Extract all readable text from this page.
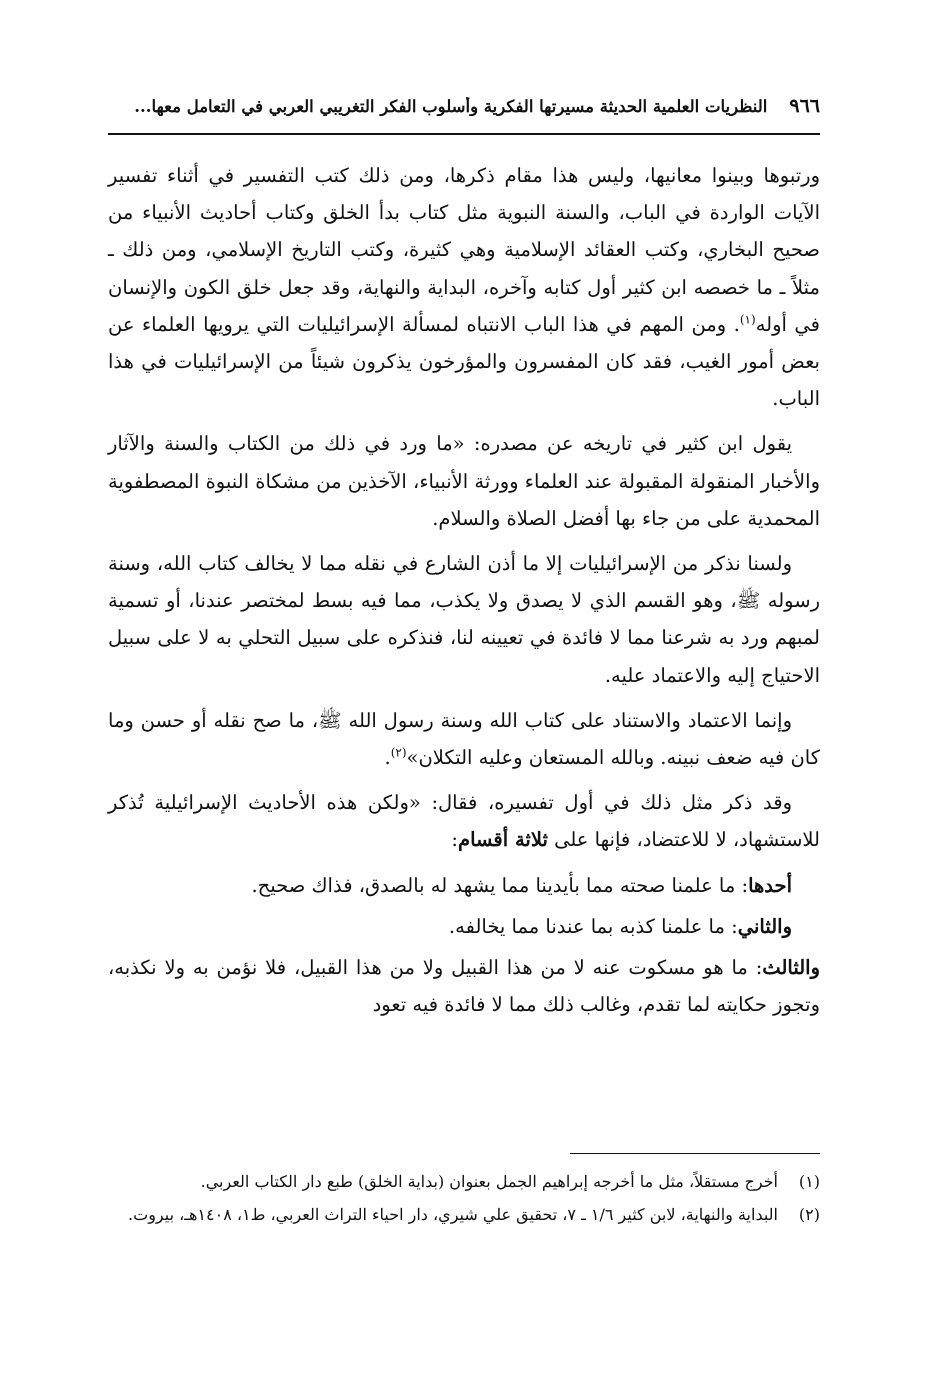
٩٦٦
النظريات العلمية الحديثة مسيرتها الفكرية وأسلوب الفكر التغريبي العربي في التعامل معها...

ورتبوها وبينوا معانيها، وليس هذا مقام ذكرها، ومن ذلك كتب التفسير في أثناء تفسير الآيات الواردة في الباب، والسنة النبوية مثل كتاب بدأ الخلق وكتاب أحاديث الأنبياء من صحيح البخاري، وكتب العقائد الإسلامية وهي كثيرة، وكتب التاريخ الإسلامي، ومن ذلك ـ مثلاً ـ ما خصصه ابن كثير أول كتابه وآخره، البداية والنهاية، وقد جعل خلق الكون والإنسان في أوله$^{(١)}$. ومن المهم في هذا الباب الانتباه لمسألة الإسرائيليات التي يرويها العلماء عن بعض أمور الغيب، فقد كان المفسرون والمؤرخون يذكرون شيئاً من الإسرائيليات في هذا الباب.

يقول ابن كثير في تاريخه عن مصدره: «ما ورد في ذلك من الكتاب والسنة والآثار والأخبار المنقولة المقبولة عند العلماء وورثة الأنبياء، الآخذين من مشكاة النبوة المصطفوية المحمدية على من جاء بها أفضل الصلاة والسلام.

ولسنا نذكر من الإسرائيليات إلا ما أذن الشارع في نقله مما لا يخالف كتاب الله، وسنة رسوله ﷺ، وهو القسم الذي لا يصدق ولا يكذب، مما فيه بسط لمختصر عندنا، أو تسمية لمبهم ورد به شرعنا مما لا فائدة في تعيينه لنا، فنذكره على سبيل التحلي به لا على سبيل الاحتياج إليه والاعتماد عليه.

وإنما الاعتماد والاستناد على كتاب الله وسنة رسول الله ﷺ، ما صح نقله أو حسن وما كان فيه ضعف نبينه. وبالله المستعان وعليه التكلان»$^{(٢)}$.

وقد ذكر مثل ذلك في أول تفسيره، فقال: «ولكن هذه الأحاديث الإسرائيلية تُذكر للاستشهاد، لا للاعتضاد، فإنها على ثلاثة أقسام:

أحدها: ما علمنا صحته مما بأيدينا مما يشهد له بالصدق، فذاك صحيح.

والثاني: ما علمنا كذبه بما عندنا مما يخالفه.

والثالث: ما هو مسكوت عنه لا من هذا القبيل ولا من هذا القبيل، فلا نؤمن به ولا نكذبه، وتجوز حكايته لما تقدم، وغالب ذلك مما لا فائدة فيه تعود

(١)
أخرج مستقلاً، مثل ما أخرجه إبراهيم الجمل بعنوان (بداية الخلق) طبع دار الكتاب العربي.
(٢)
البداية والنهاية، لابن كثير ١/٦ ـ ٧، تحقيق علي شيري، دار احياء التراث العربي، ط١، ١٤٠٨هـ، بيروت.
